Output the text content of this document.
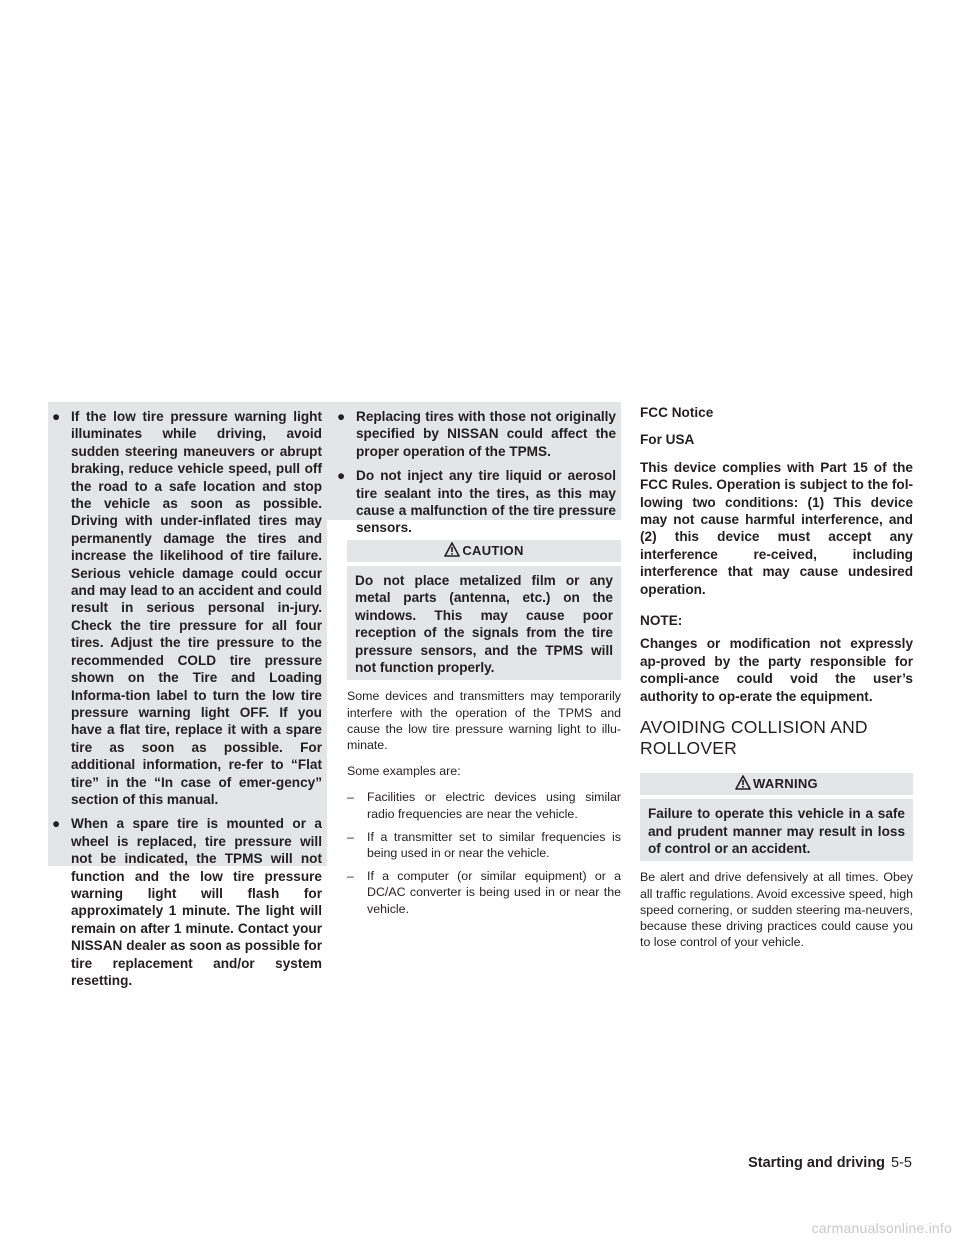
● If the low tire pressure warning light illuminates while driving, avoid sudden steering maneuvers or abrupt braking, reduce vehicle speed, pull off the road to a safe location and stop the vehicle as soon as possible. Driving with under-inflated tires may permanently damage the tires and increase the likelihood of tire failure. Serious vehicle damage could occur and may lead to an accident and could result in serious personal in-jury. Check the tire pressure for all four tires. Adjust the tire pressure to the recommended COLD tire pressure shown on the Tire and Loading Informa-tion label to turn the low tire pressure warning light OFF. If you have a flat tire, replace it with a spare tire as soon as possible. For additional information, re-fer to “Flat tire” in the “In case of emer-gency” section of this manual.
● When a spare tire is mounted or a wheel is replaced, tire pressure will not be indicated, the TPMS will not function and the low tire pressure warning light will flash for approximately 1 minute. The light will remain on after 1 minute. Contact your NISSAN dealer as soon as possible for tire replacement and/or system resetting.
● Replacing tires with those not originally specified by NISSAN could affect the proper operation of the TPMS.
● Do not inject any tire liquid or aerosol tire sealant into the tires, as this may cause a malfunction of the tire pressure sensors.
CAUTION
Do not place metalized film or any metal parts (antenna, etc.) on the windows. This may cause poor reception of the signals from the tire pressure sensors, and the TPMS will not function properly.

Some devices and transmitters may temporarily interfere with the operation of the TPMS and cause the low tire pressure warning light to illu-minate.

Some examples are:

– Facilities or electric devices using similar radio frequencies are near the vehicle.
– If a transmitter set to similar frequencies is being used in or near the vehicle.
– If a computer (or similar equipment) or a DC/AC converter is being used in or near the vehicle.

FCC Notice

For USA

This device complies with Part 15 of the FCC Rules. Operation is subject to the fol-lowing two conditions: (1) This device may not cause harmful interference, and (2) this device must accept any interference re-ceived, including interference that may cause undesired operation.

NOTE:

Changes or modification not expressly ap-proved by the party responsible for compli-ance could void the user’s authority to op-erate the equipment.

AVOIDING COLLISION AND ROLLOVER
WARNING
Failure to operate this vehicle in a safe and prudent manner may result in loss of control or an accident.

Be alert and drive defensively at all times. Obey all traffic regulations. Avoid excessive speed, high speed cornering, or sudden steering ma-neuvers, because these driving practices could cause you to lose control of your vehicle.

Starting and driving 5-5
carmanualsonline.info
